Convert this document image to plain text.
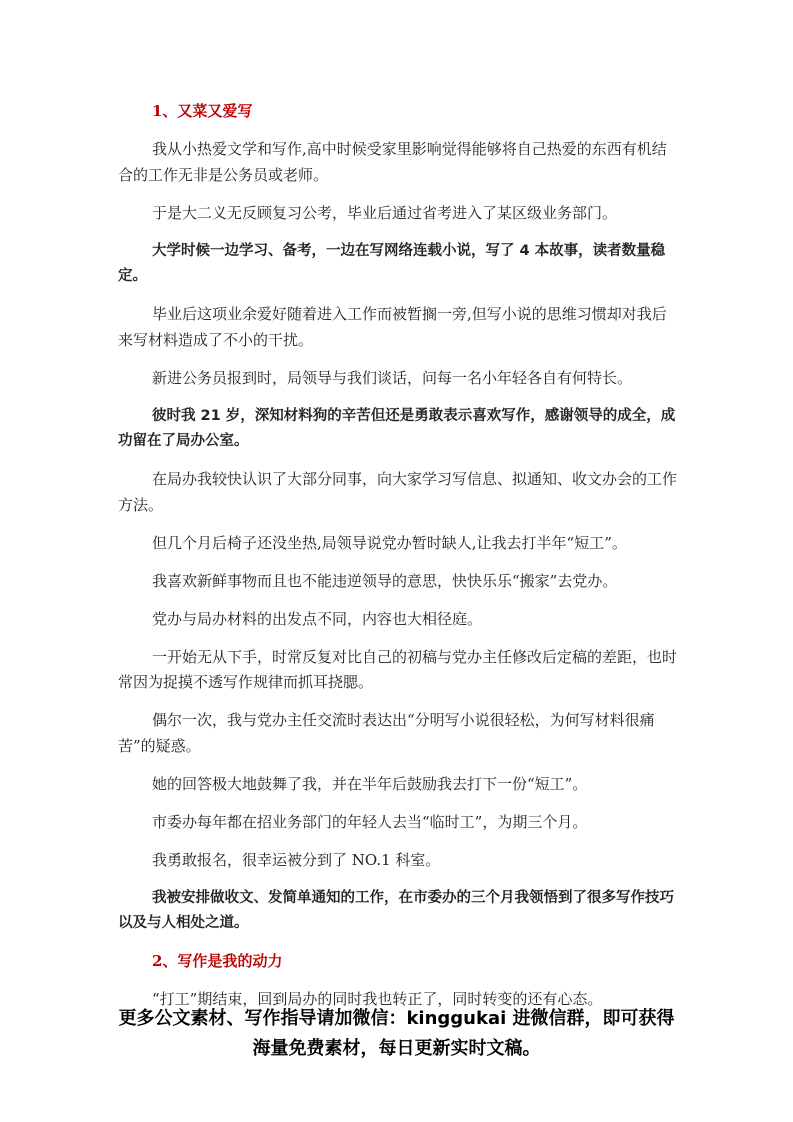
1、又菜又爱写

我从小热爱文学和写作,高中时候受家里影响觉得能够将自己热爱的东西有机结合的工作无非是公务员或老师。

于是大二义无反顾复习公考，毕业后通过省考进入了某区级业务部门。

大学时候一边学习、备考，一边在写网络连载小说，写了 4 本故事，读者数量稳定。

毕业后这项业余爱好随着进入工作而被暂搁一旁,但写小说的思维习惯却对我后来写材料造成了不小的干扰。

新进公务员报到时，局领导与我们谈话，问每一名小年轻各自有何特长。

彼时我 21 岁，深知材料狗的辛苦但还是勇敢表示喜欢写作，感谢领导的成全，成功留在了局办公室。

在局办我较快认识了大部分同事，向大家学习写信息、拟通知、收文办会的工作方法。

但几个月后椅子还没坐热,局领导说党办暂时缺人,让我去打半年“短工”。

我喜欢新鲜事物而且也不能违逆领导的意思，快快乐乐“搬家”去党办。

党办与局办材料的出发点不同，内容也大相径庭。

一开始无从下手，时常反复对比自己的初稿与党办主任修改后定稿的差距，也时常因为捉摸不透写作规律而抓耳挠腮。

偶尔一次，我与党办主任交流时表达出“分明写小说很轻松，为何写材料很痛苦”的疑惑。

她的回答极大地鼓舞了我，并在半年后鼓励我去打下一份“短工”。

市委办每年都在招业务部门的年轻人去当“临时工”，为期三个月。

我勇敢报名，很幸运被分到了 NO.1 科室。

我被安排做收文、发简单通知的工作，在市委办的三个月我领悟到了很多写作技巧以及与人相处之道。

2、写作是我的动力

“打工”期结束，回到局办的同时我也转正了，同时转变的还有心态。

更多公文素材、写作指导请加微信：kinggukai 进微信群，即可获得
海量免费素材，每日更新实时文稿。
